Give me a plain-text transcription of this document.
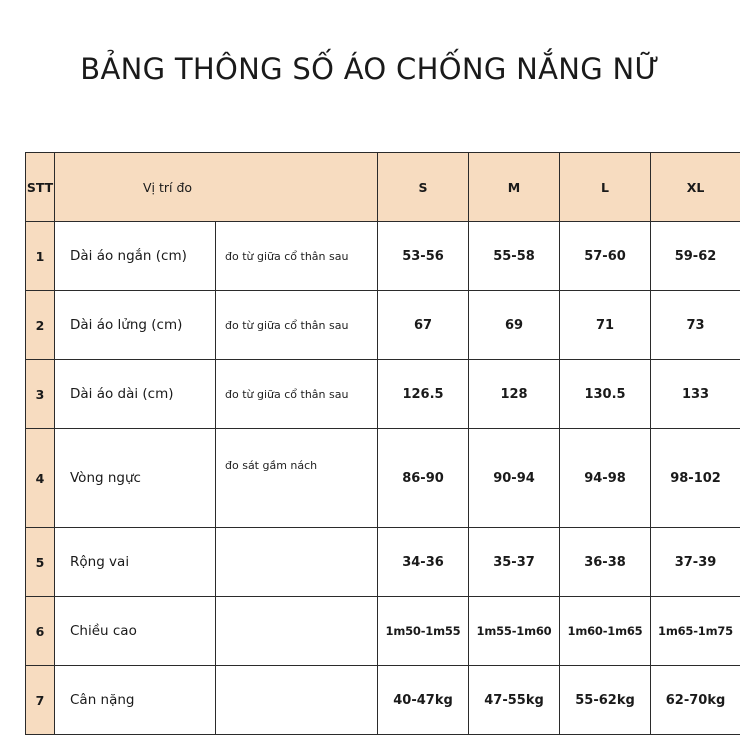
BẢNG THÔNG SỐ ÁO CHỐNG NẮNG NỮ
STT	Vị trí đo		S	M	L	XL
1	Dài áo ngắn (cm)	đo từ giữa cổ thân sau	53-56	55-58	57-60	59-62
2	Dài áo lửng (cm)	đo từ giữa cổ thân sau	67	69	71	73
3	Dài áo dài (cm)	đo từ giữa cổ thân sau	126.5	128	130.5	133
4	Vòng ngực	đo sát gầm nách	86-90	90-94	94-98	98-102
5	Rộng vai		34-36	35-37	36-38	37-39
6	Chiều cao		1m50-1m55	1m55-1m60	1m60-1m65	1m65-1m75
7	Cân nặng		40-47kg	47-55kg	55-62kg	62-70kg
